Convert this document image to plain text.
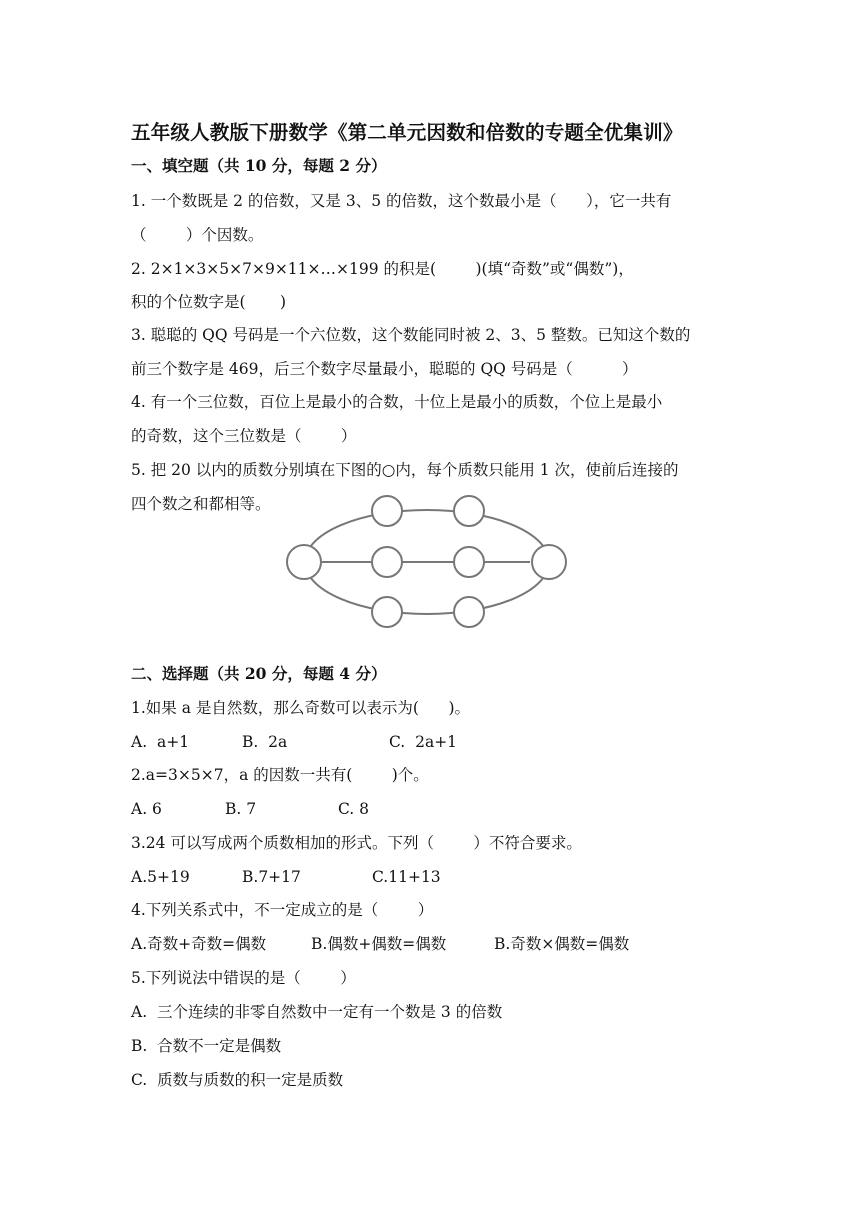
五年级人教版下册数学《第二单元因数和倍数的专题全优集训》
一、填空题（共 10 分，每题 2 分）
1. 一个数既是 2 的倍数，又是 3、5 的倍数，这个数最小是（      ），它一共有
（        ）个因数。
2. 2×1×3×5×7×9×11×…×199 的积是(        )(填“奇数”或“偶数”)，
积的个位数字是(       )
3. 聪聪的 QQ 号码是一个六位数，这个数能同时被 2、3、5 整数。已知这个数的
前三个数字是 469，后三个数字尽量最小，聪聪的 QQ 号码是（          ）
4. 有一个三位数，百位上是最小的合数，十位上是最小的质数，个位上是最小
的奇数，这个三位数是（        ）
5. 把 20 以内的质数分别填在下图的○内，每个质数只能用 1 次，使前后连接的
四个数之和都相等。
二、选择题（共 20 分，每题 4 分）
1.如果 a 是自然数，那么奇数可以表示为(      )。
A.  a+1	B.  2a	C.  2a+1
2.a=3×5×7，a 的因数一共有(        )个。
A. 6	B. 7	C. 8
3.24 可以写成两个质数相加的形式。下列（        ）不符合要求。
A.5+19	B.7+17	C.11+13
4.下列关系式中，不一定成立的是（        ）
A.奇数+奇数=偶数	B.偶数+偶数=偶数	B.奇数×偶数=偶数
5.下列说法中错误的是（        ）
A.  三个连续的非零自然数中一定有一个数是 3 的倍数
B.  合数不一定是偶数
C.  质数与质数的积一定是质数
